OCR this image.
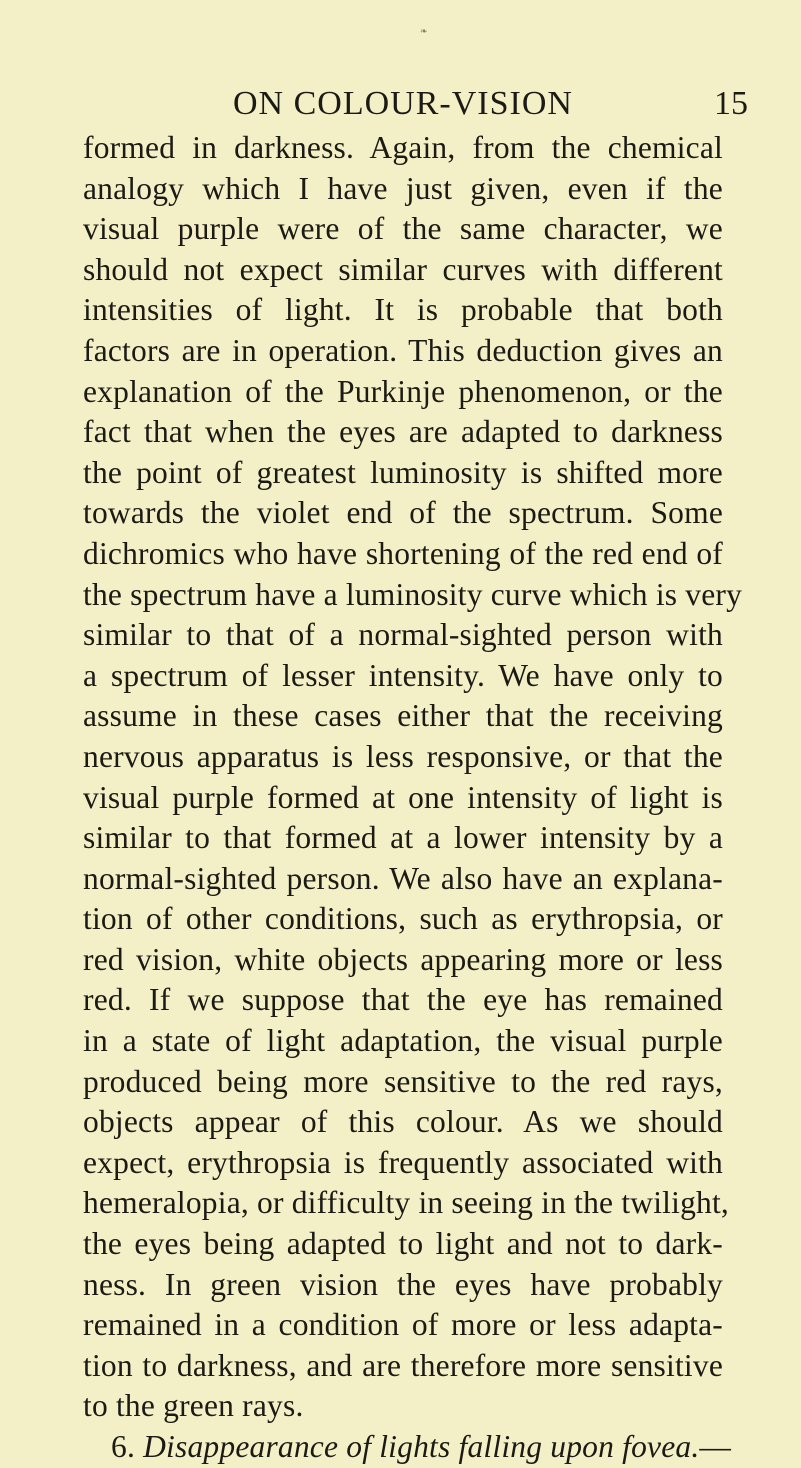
❧
ON COLOUR-VISION	15
formed in darkness. Again, from the chemical
analogy which I have just given, even if the
visual purple were of the same character, we
should not expect similar curves with different
intensities of light. It is probable that both
factors are in operation. This deduction gives an
explanation of the Purkinje phenomenon, or the
fact that when the eyes are adapted to darkness
the point of greatest luminosity is shifted more
towards the violet end of the spectrum. Some
dichromics who have shortening of the red end of
the spectrum have a luminosity curve which is very
similar to that of a normal-sighted person with
a spectrum of lesser intensity. We have only to
assume in these cases either that the receiving
nervous apparatus is less responsive, or that the
visual purple formed at one intensity of light is
similar to that formed at a lower intensity by a
normal-sighted person. We also have an explana-
tion of other conditions, such as erythropsia, or
red vision, white objects appearing more or less
red. If we suppose that the eye has remained
in a state of light adaptation, the visual purple
produced being more sensitive to the red rays,
objects appear of this colour. As we should
expect, erythropsia is frequently associated with
hemeralopia, or difficulty in seeing in the twilight,
the eyes being adapted to light and not to dark-
ness. In green vision the eyes have probably
remained in a condition of more or less adapta-
tion to darkness, and are therefore more sensitive
to the green rays.
6. Disappearance of lights falling upon fovea.—
